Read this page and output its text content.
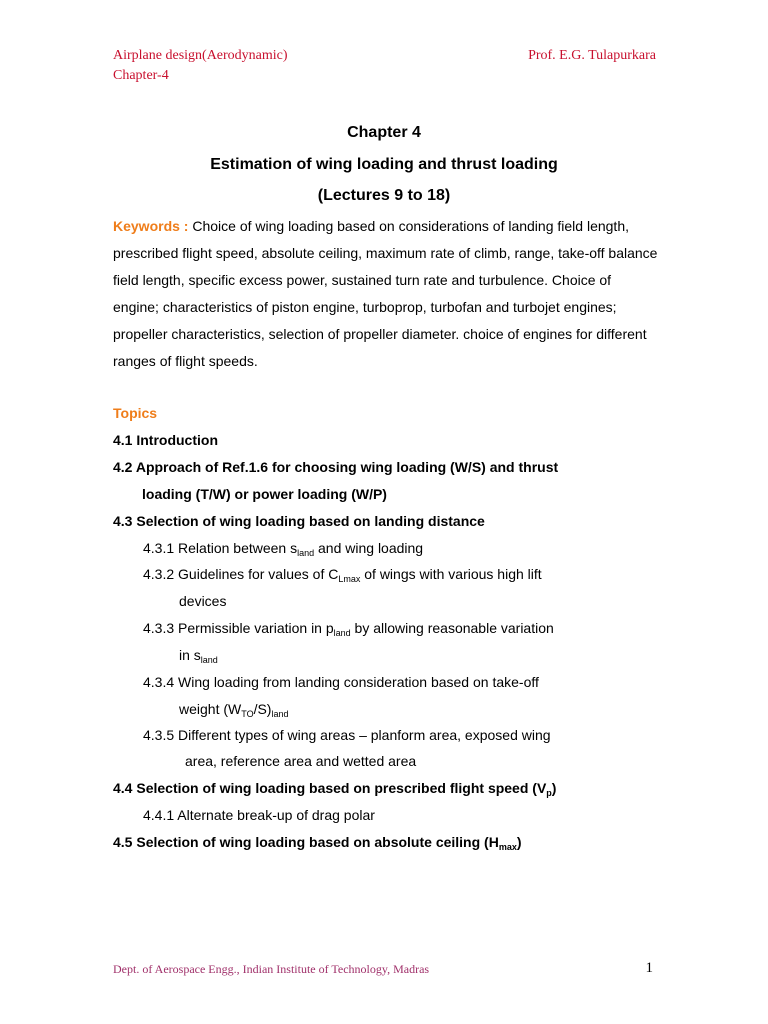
Airplane design(Aerodynamic)
Chapter-4
Prof. E.G. Tulapurkara
Chapter 4
Estimation of wing loading and thrust loading
(Lectures 9 to 18)
Keywords : Choice of wing loading based on considerations of landing field length, prescribed flight speed, absolute ceiling, maximum rate of climb, range, take-off balance field length, specific excess power, sustained turn rate and turbulence. Choice of engine; characteristics of piston engine, turboprop, turbofan and turbojet engines; propeller characteristics, selection of propeller diameter. choice of engines for different ranges of flight speeds.
Topics
4.1 Introduction
4.2 Approach of Ref.1.6 for choosing wing loading (W/S) and thrust
loading (T/W) or power loading (W/P)
4.3 Selection of wing loading based on landing distance
4.3.1 Relation between $s_{land}$ and wing loading
4.3.2 Guidelines for values of $C_{Lmax}$ of wings with various high lift
devices
4.3.3 Permissible variation in $p_{land}$ by allowing reasonable variation
in $s_{land}$
4.3.4 Wing loading from landing consideration based on take-off
weight $(W_{TO}/S)_{land}$
4.3.5 Different types of wing areas – planform area, exposed wing
area, reference area and wetted area
4.4 Selection of wing loading based on prescribed flight speed $(V_p)$
4.4.1 Alternate break-up of drag polar
4.5 Selection of wing loading based on absolute ceiling $(H_{max})$
Dept. of Aerospace Engg., Indian Institute of Technology, Madras	1
